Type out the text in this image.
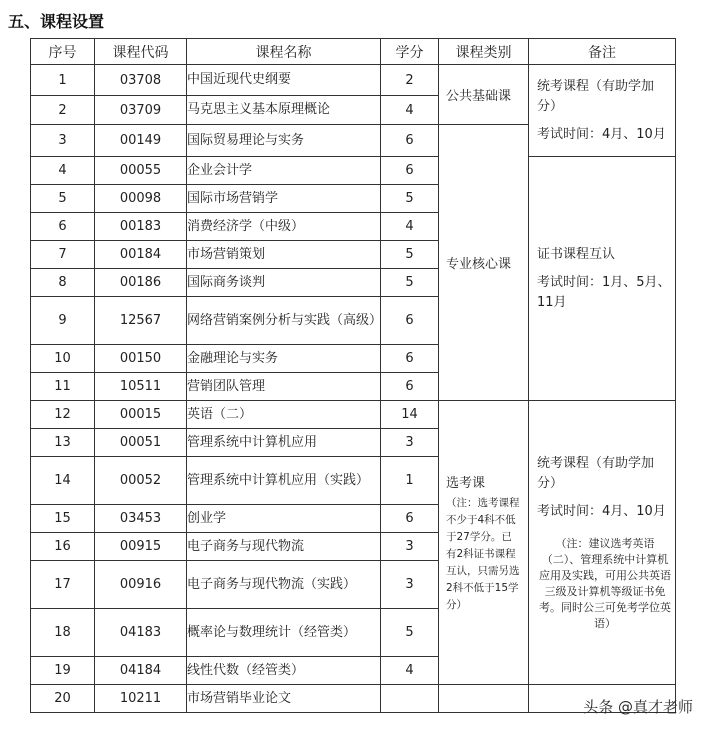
五、课程设置
序号	课程代码	课程名称	学分	课程类别	备注
1	03708	中国近现代史纲要	2	公共基础课	统考课程（有助学加分）
考试时间：4月、10月

2	03709	马克思主义基本原理概论	4		
3	00149	国际贸易理论与实务	6	专业核心课	

4	00055	企业会计学	6		证书课程互认
考试时间：1月、5月、11月

5	00098	国际市场营销学	5		
6	00183	消费经济学（中级）	4		
7	00184	市场营销策划	5		
8	00186	国际商务谈判	5		
9	12567	网络营销案例分析与实践（高级）	6		
10	00150	金融理论与实务	6		
11	10511	营销团队管理	6		
12	00015	英语（二）	14	选考课
（注：选考课程不少于4科不低于27学分。已有2科证书课程互认，只需另选2科不低于15学分）	统考课程（有助学加分）
考试时间：4月、10月
（注：建议选考英语（二）、管理系统中计算机应用及实践，可用公共英语三级及计算机等级证书免考。同时公三可免考学位英语）

13	00051	管理系统中计算机应用	3		
14	00052	管理系统中计算机应用（实践）	1		
15	03453	创业学	6		
16	00915	电子商务与现代物流	3		
17	00916	电子商务与现代物流（实践）	3		
18	04183	概率论与数理统计（经管类）	5		
19	04184	线性代数（经管类）	4		
20	10211	市场营销毕业论文				头条 @真才老师
